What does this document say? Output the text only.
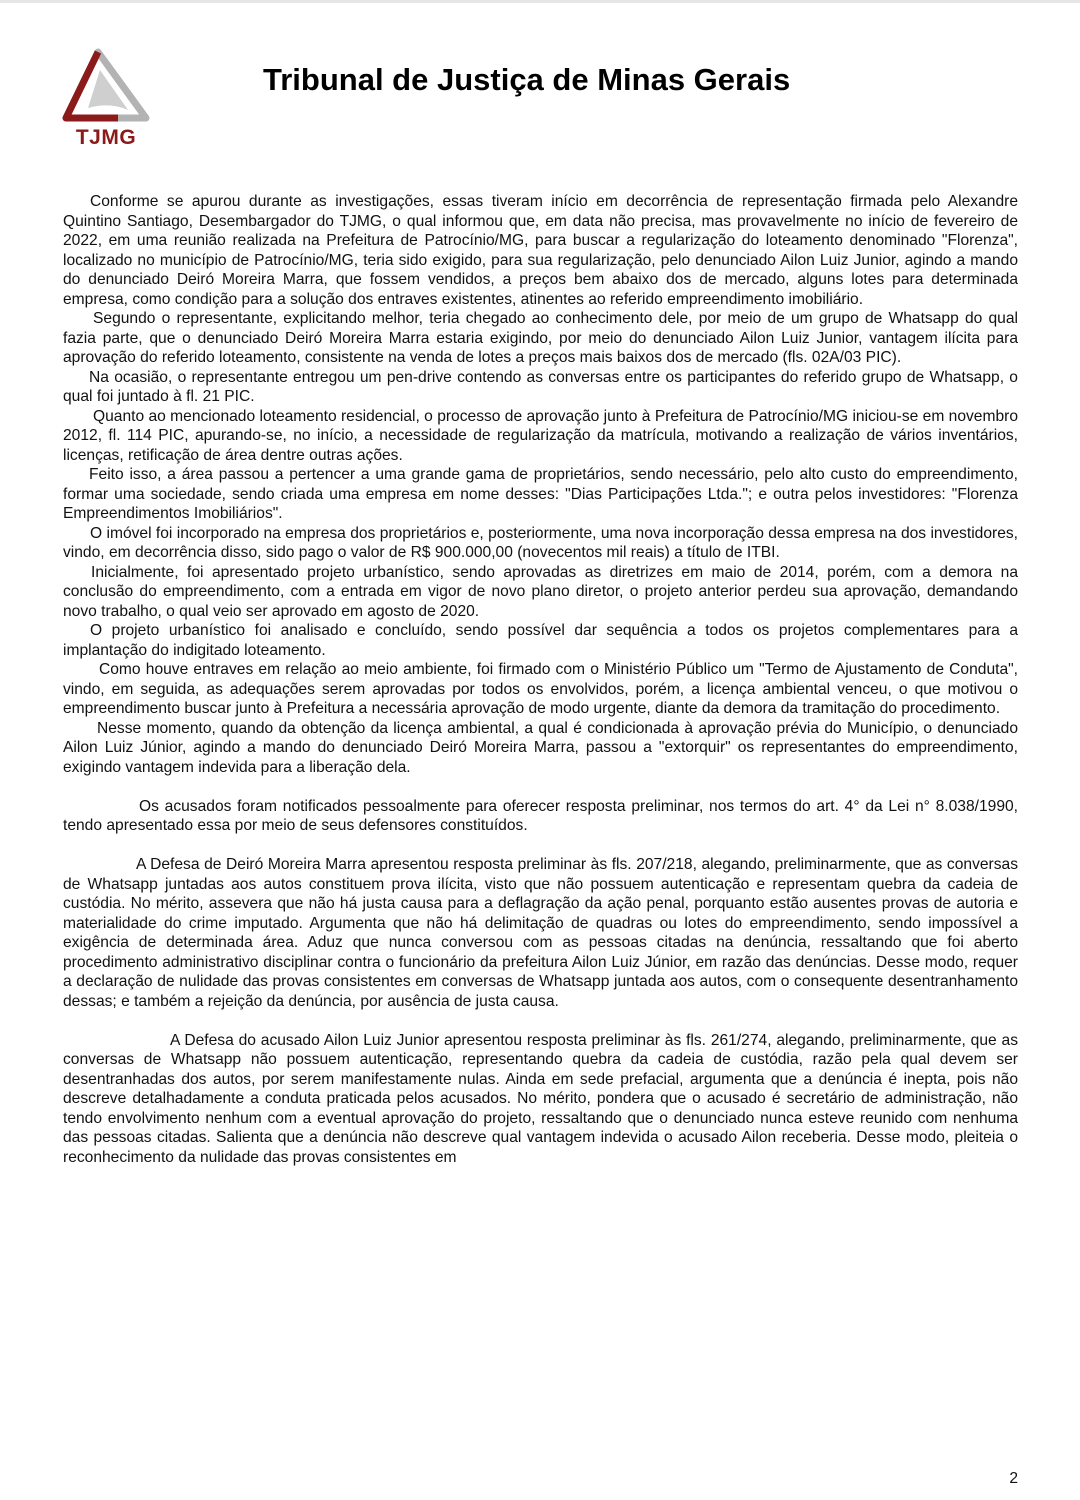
TJMG
Tribunal de Justiça de Minas Gerais

Conforme se apurou durante as investigações, essas tiveram início em decorrência de representação firmada pelo Alexandre Quintino Santiago, Desembargador do TJMG, o qual informou que, em data não precisa, mas provavelmente no início de fevereiro de 2022, em uma reunião realizada na Prefeitura de Patrocínio/MG, para buscar a regularização do loteamento denominado "Florenza", localizado no município de Patrocínio/MG, teria sido exigido, para sua regularização, pelo denunciado Ailon Luiz Junior, agindo a mando do denunciado Deiró Moreira Marra, que fossem vendidos, a preços bem abaixo dos de mercado, alguns lotes para determinada empresa, como condição para a solução dos entraves existentes, atinentes ao referido empreendimento imobiliário.

Segundo o representante, explicitando melhor, teria chegado ao conhecimento dele, por meio de um grupo de Whatsapp do qual fazia parte, que o denunciado Deiró Moreira Marra estaria exigindo, por meio do denunciado Ailon Luiz Junior, vantagem ilícita para aprovação do referido loteamento, consistente na venda de lotes a preços mais baixos dos de mercado (fls. 02A/03 PIC).

Na ocasião, o representante entregou um pen-drive contendo as conversas entre os participantes do referido grupo de Whatsapp, o qual foi juntado à fl. 21 PIC.

Quanto ao mencionado loteamento residencial, o processo de aprovação junto à Prefeitura de Patrocínio/MG iniciou-se em novembro 2012, fl. 114 PIC, apurando-se, no início, a necessidade de regularização da matrícula, motivando a realização de vários inventários, licenças, retificação de área dentre outras ações.

Feito isso, a área passou a pertencer a uma grande gama de proprietários, sendo necessário, pelo alto custo do empreendimento, formar uma sociedade, sendo criada uma empresa em nome desses: "Dias Participações Ltda."; e outra pelos investidores: "Florenza Empreendimentos Imobiliários".

O imóvel foi incorporado na empresa dos proprietários e, posteriormente, uma nova incorporação dessa empresa na dos investidores, vindo, em decorrência disso, sido pago o valor de R$ 900.000,00 (novecentos mil reais) a título de ITBI.

Inicialmente, foi apresentado projeto urbanístico, sendo aprovadas as diretrizes em maio de 2014, porém, com a demora na conclusão do empreendimento, com a entrada em vigor de novo plano diretor, o projeto anterior perdeu sua aprovação, demandando novo trabalho, o qual veio ser aprovado em agosto de 2020.

O projeto urbanístico foi analisado e concluído, sendo possível dar sequência a todos os projetos complementares para a implantação do indigitado loteamento.

Como houve entraves em relação ao meio ambiente, foi firmado com o Ministério Público um "Termo de Ajustamento de Conduta", vindo, em seguida, as adequações serem aprovadas por todos os envolvidos, porém, a licença ambiental venceu, o que motivou o empreendimento buscar junto à Prefeitura a necessária aprovação de modo urgente, diante da demora da tramitação do procedimento.

Nesse momento, quando da obtenção da licença ambiental, a qual é condicionada à aprovação prévia do Município, o denunciado Ailon Luiz Júnior, agindo a mando do denunciado Deiró Moreira Marra, passou a "extorquir" os representantes do empreendimento, exigindo vantagem indevida para a liberação dela.

Os acusados foram notificados pessoalmente para oferecer resposta preliminar, nos termos do art. 4° da Lei n° 8.038/1990, tendo apresentado essa por meio de seus defensores constituídos.

A Defesa de Deiró Moreira Marra apresentou resposta preliminar às fls. 207/218, alegando, preliminarmente, que as conversas de Whatsapp juntadas aos autos constituem prova ilícita, visto que não possuem autenticação e representam quebra da cadeia de custódia. No mérito, assevera que não há justa causa para a deflagração da ação penal, porquanto estão ausentes provas de autoria e materialidade do crime imputado. Argumenta que não há delimitação de quadras ou lotes do empreendimento, sendo impossível a exigência de determinada área. Aduz que nunca conversou com as pessoas citadas na denúncia, ressaltando que foi aberto procedimento administrativo disciplinar contra o funcionário da prefeitura Ailon Luiz Júnior, em razão das denúncias. Desse modo, requer a declaração de nulidade das provas consistentes em conversas de Whatsapp juntada aos autos, com o consequente desentranhamento dessas; e também a rejeição da denúncia, por ausência de justa causa.

A Defesa do acusado Ailon Luiz Junior apresentou resposta preliminar às fls. 261/274, alegando, preliminarmente, que as conversas de Whatsapp não possuem autenticação, representando quebra da cadeia de custódia, razão pela qual devem ser desentranhadas dos autos, por serem manifestamente nulas. Ainda em sede prefacial, argumenta que a denúncia é inepta, pois não descreve detalhadamente a conduta praticada pelos acusados. No mérito, pondera que o acusado é secretário de administração, não tendo envolvimento nenhum com a eventual aprovação do projeto, ressaltando que o denunciado nunca esteve reunido com nenhuma das pessoas citadas. Salienta que a denúncia não descreve qual vantagem indevida o acusado Ailon receberia. Desse modo, pleiteia o reconhecimento da nulidade das provas consistentes em

2
